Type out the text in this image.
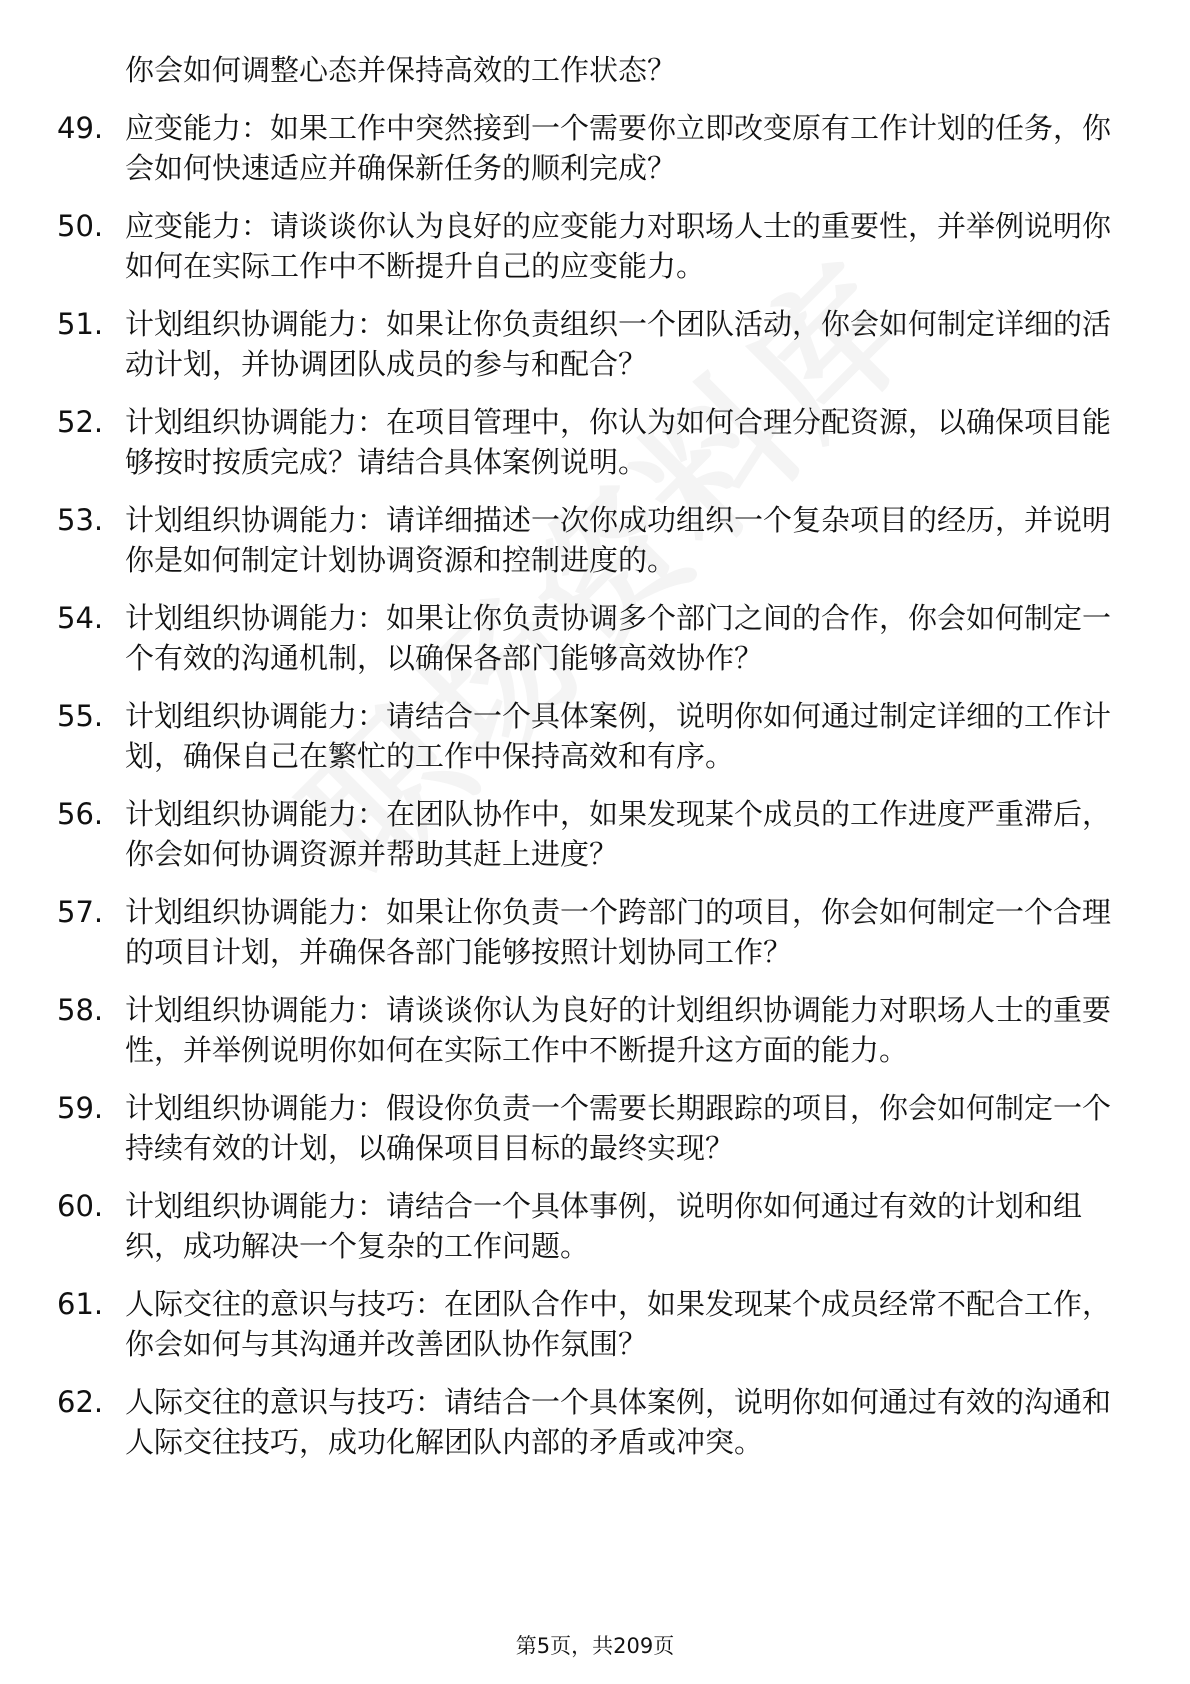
你会如何调整心态并保持高效的工作状态？
49. 应变能力：如果工作中突然接到一个需要你立即改变原有工作计划的任务，你会如何快速适应并确保新任务的顺利完成？
50. 应变能力：请谈谈你认为良好的应变能力对职场人士的重要性，并举例说明你如何在实际工作中不断提升自己的应变能力。
51. 计划组织协调能力：如果让你负责组织一个团队活动，你会如何制定详细的活动计划，并协调团队成员的参与和配合？
52. 计划组织协调能力：在项目管理中，你认为如何合理分配资源，以确保项目能够按时按质完成？请结合具体案例说明。
53. 计划组织协调能力：请详细描述一次你成功组织一个复杂项目的经历，并说明你是如何制定计划协调资源和控制进度的。
54. 计划组织协调能力：如果让你负责协调多个部门之间的合作，你会如何制定一个有效的沟通机制，以确保各部门能够高效协作？
55. 计划组织协调能力：请结合一个具体案例，说明你如何通过制定详细的工作计划，确保自己在繁忙的工作中保持高效和有序。
56. 计划组织协调能力：在团队协作中，如果发现某个成员的工作进度严重滞后，你会如何协调资源并帮助其赶上进度？
57. 计划组织协调能力：如果让你负责一个跨部门的项目，你会如何制定一个合理的项目计划，并确保各部门能够按照计划协同工作？
58. 计划组织协调能力：请谈谈你认为良好的计划组织协调能力对职场人士的重要性，并举例说明你如何在实际工作中不断提升这方面的能力。
59. 计划组织协调能力：假设你负责一个需要长期跟踪的项目，你会如何制定一个持续有效的计划，以确保项目目标的最终实现？
60. 计划组织协调能力：请结合一个具体事例，说明你如何通过有效的计划和组织，成功解决一个复杂的工作问题。
61. 人际交往的意识与技巧：在团队合作中，如果发现某个成员经常不配合工作，你会如何与其沟通并改善团队协作氛围？
62. 人际交往的意识与技巧：请结合一个具体案例，说明你如何通过有效的沟通和人际交往技巧，成功化解团队内部的矛盾或冲突。
第5页，共209页
